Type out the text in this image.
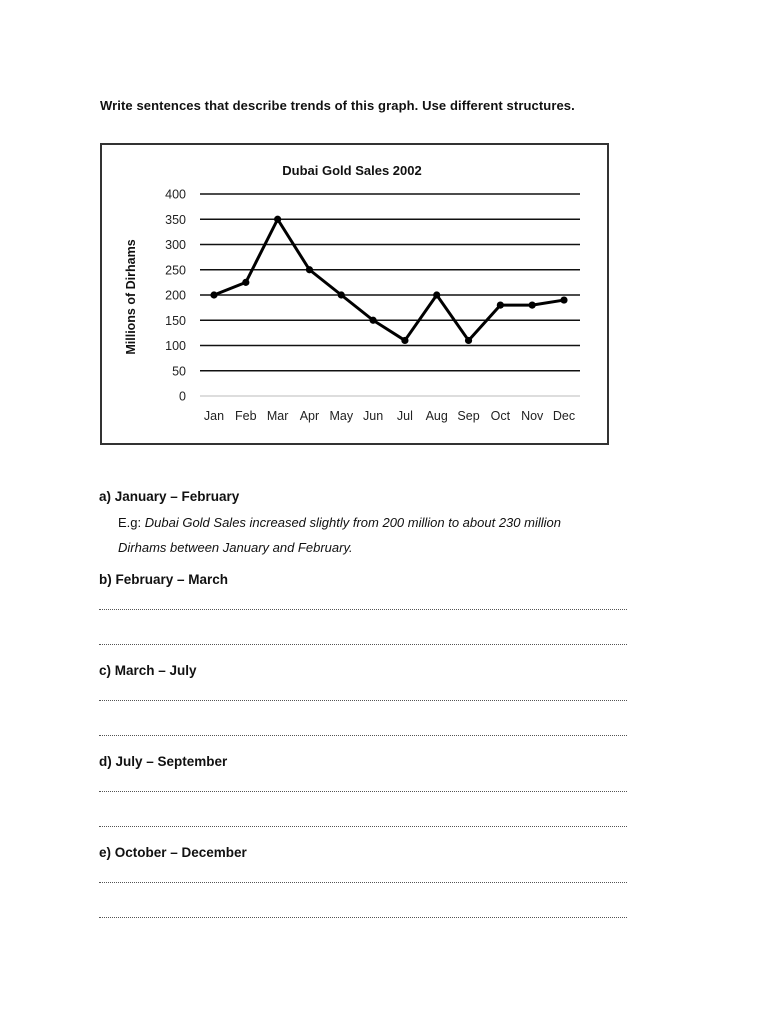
Write sentences that describe trends of this graph. Use different structures.
Dubai Gold Sales 2002
Millions of Dirhams
0
50
100
150
200
250
300
350
400
Jan Feb Mar Apr May Jun Jul Aug Sep Oct Nov Dec
a) January – February
E.g: Dubai Gold Sales increased slightly from 200 million to about 230 million
Dirhams between January and February.
b) February – March
c) March – July
d) July – September
e) October – December
